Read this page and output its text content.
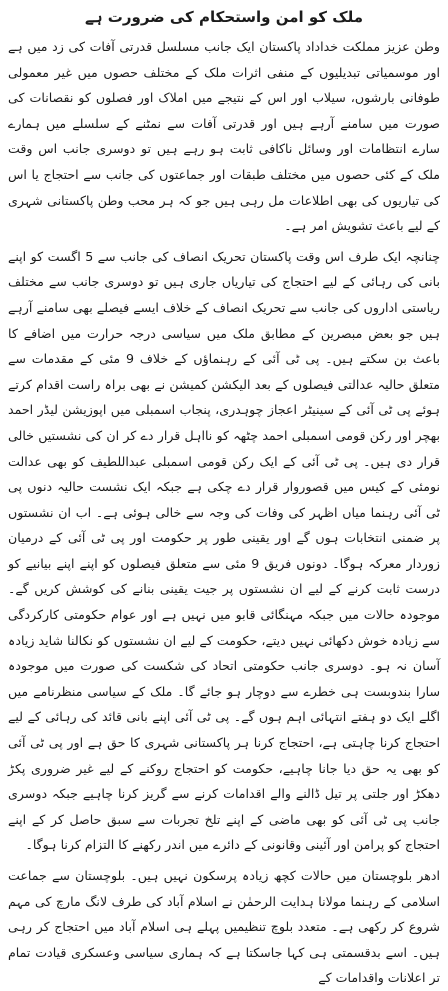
ملک کو امن واستحکام کی ضرورت ہے

وطن عزیز مملکت خداداد پاکستان ایک جانب مسلسل قدرتی آفات کی زد میں ہے اور موسمیاتی تبدیلیوں کے منفی اثرات ملک کے مختلف حصوں میں غیر معمولی طوفانی بارشوں، سیلاب اور اس کے نتیجے میں املاک اور فصلوں کو نقصانات کی صورت میں سامنے آرہے ہیں اور قدرتی آفات سے نمٹنے کے سلسلے میں ہمارے سارے انتظامات اور وسائل ناکافی ثابت ہو رہے ہیں تو دوسری جانب اس وقت ملک کے کئی حصوں میں مختلف طبقات اور جماعتوں کی جانب سے احتجاج یا اس کی تیاریوں کی بھی اطلاعات مل رہی ہیں جو کہ ہر محب وطن پاکستانی شہری کے لیے باعث تشویش امر ہے۔

چنانچہ ایک طرف اس وقت پاکستان تحریک انصاف کی جانب سے 5 اگست کو اپنے بانی کی رہائی کے لیے احتجاج کی تیاریاں جاری ہیں تو دوسری جانب سے مختلف ریاستی اداروں کی جانب سے تحریک انصاف کے خلاف ایسے فیصلے بھی سامنے آرہے ہیں جو بعض مبصرین کے مطابق ملک میں سیاسی درجہ حرارت میں اضافے کا باعث بن سکتے ہیں۔ پی ٹی آئی کے رہنماؤں کے خلاف 9 مئی کے مقدمات سے متعلق حالیہ عدالتی فیصلوں کے بعد الیکشن کمیشن نے بھی براہ راست اقدام کرتے ہوئے پی ٹی آئی کے سینیٹر اعجاز چوہدری، پنجاب اسمبلی میں اپوزیشن لیڈر احمد بھچر اور رکن قومی اسمبلی احمد چٹھہ کو نااہل قرار دے کر ان کی نشستیں خالی قرار دی ہیں۔ پی ٹی آئی کے ایک رکن قومی اسمبلی عبداللطیف کو بھی عدالت نومئی کے کیس میں قصوروار قرار دے چکی ہے جبکہ ایک نشست حالیہ دنوں پی ٹی آئی رہنما میاں اظہر کی وفات کی وجہ سے خالی ہوئی ہے۔ اب ان نشستوں پر ضمنی انتخابات ہوں گے اور یقینی طور پر حکومت اور پی ٹی آئی کے درمیان زوردار معرکہ ہوگا۔ دونوں فریق 9 مئی سے متعلق فیصلوں کو اپنے اپنے بیانیے کو درست ثابت کرنے کے لیے ان نشستوں پر جیت یقینی بنانے کی کوشش کریں گے۔ موجودہ حالات میں جبکہ مہنگائی قابو میں نہیں ہے اور عوام حکومتی کارکردگی سے زیادہ خوش دکھائی نہیں دیتے، حکومت کے لیے ان نشستوں کو نکالنا شاید زیادہ آسان نہ ہو۔ دوسری جانب حکومتی اتحاد کی شکست کی صورت میں موجودہ سارا بندوبست ہی خطرے سے دوچار ہو جائے گا۔ ملک کے سیاسی منظرنامے میں اگلے ایک دو ہفتے انتہائی اہم ہوں گے۔ پی ٹی آئی اپنے بانی قائد کی رہائی کے لیے احتجاج کرنا چاہتی ہے، احتجاج کرنا ہر پاکستانی شہری کا حق ہے اور پی ٹی آئی کو بھی یہ حق دیا جانا چاہیے، حکومت کو احتجاج روکنے کے لیے غیر ضروری پکڑ دھکڑ اور جلتی پر تیل ڈالنے والے اقدامات کرنے سے گریز کرنا چاہیے جبکہ دوسری جانب پی ٹی آئی کو بھی ماضی کے اپنے تلخ تجربات سے سبق حاصل کر کے اپنے احتجاج کو پرامن اور آئینی وقانونی کے دائرے میں اندر رکھنے کا التزام کرنا ہوگا۔

ادھر بلوچستان میں حالات کچھ زیادہ پرسکون نہیں ہیں۔ بلوچستان سے جماعت اسلامی کے رہنما مولانا ہدایت الرحمٰن نے اسلام آباد کی طرف لانگ مارچ کی مہم شروع کر رکھی ہے۔ متعدد بلوچ تنظیمیں پہلے ہی اسلام آباد میں احتجاج کر رہی ہیں۔ اسے بدقسمتی ہی کہا جاسکتا ہے کہ ہماری سیاسی وعسکری قیادت تمام تر اعلانات واقدامات کے
